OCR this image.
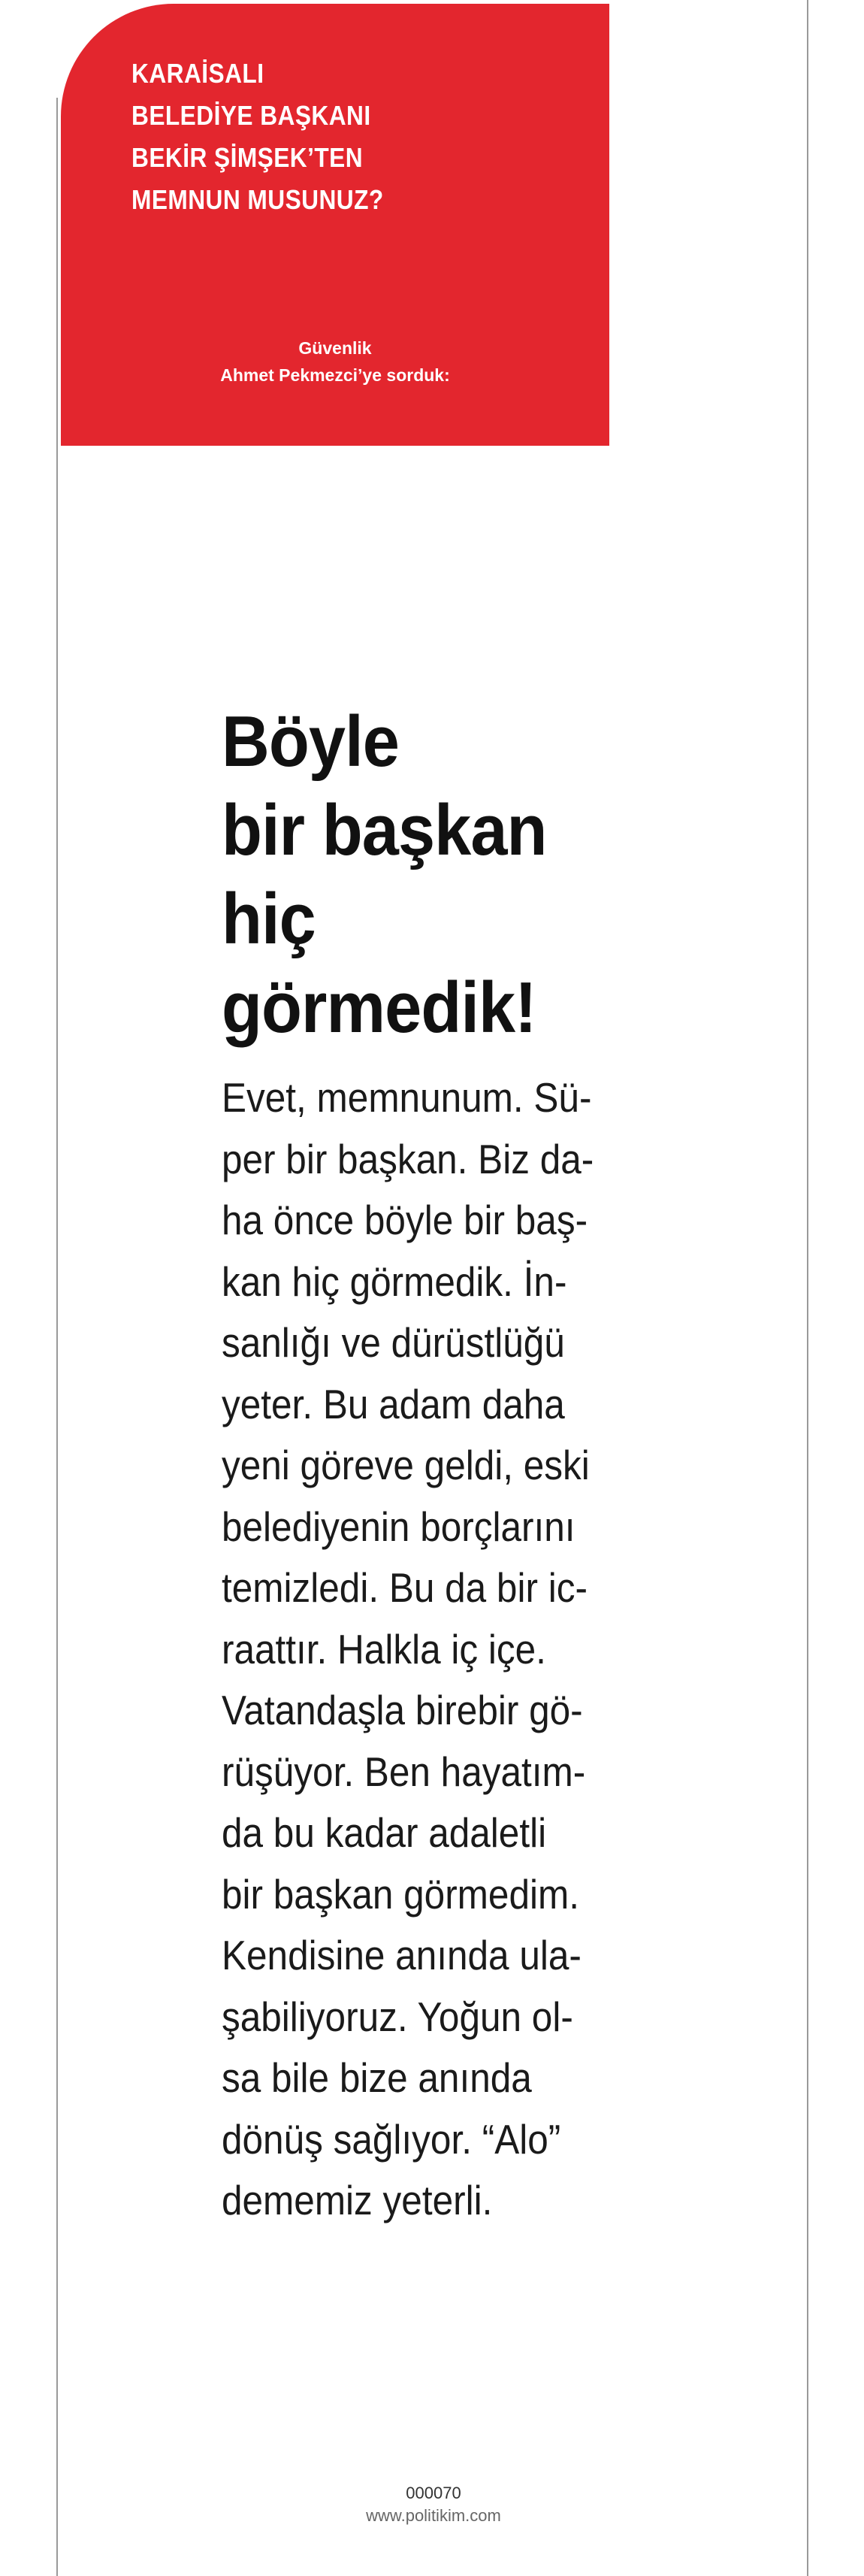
KARAİSALI
BELEDİYE BAŞKANI
BEKİR ŞİMŞEK’TEN
MEMNUN MUSUNUZ?
Güvenlik
Ahmet Pekmezci’ye sorduk:
Böyle
bir başkan
hiç
görmedik!
Evet, memnunum. Sü-
per bir başkan. Biz da-
ha önce böyle bir baş-
kan hiç görmedik. İn-
sanlığı ve dürüstlüğü
yeter. Bu adam daha
yeni göreve geldi, eski
belediyenin borçlarını
temizledi. Bu da bir ic-
raattır. Halkla iç içe.
Vatandaşla birebir gö-
rüşüyor. Ben hayatım-
da bu kadar adaletli
bir başkan görmedim.
Kendisine anında ula-
şabiliyoruz. Yoğun ol-
sa bile bize anında
dönüş sağlıyor. “Alo”
dememiz yeterli.
000070
www.politikim.com
